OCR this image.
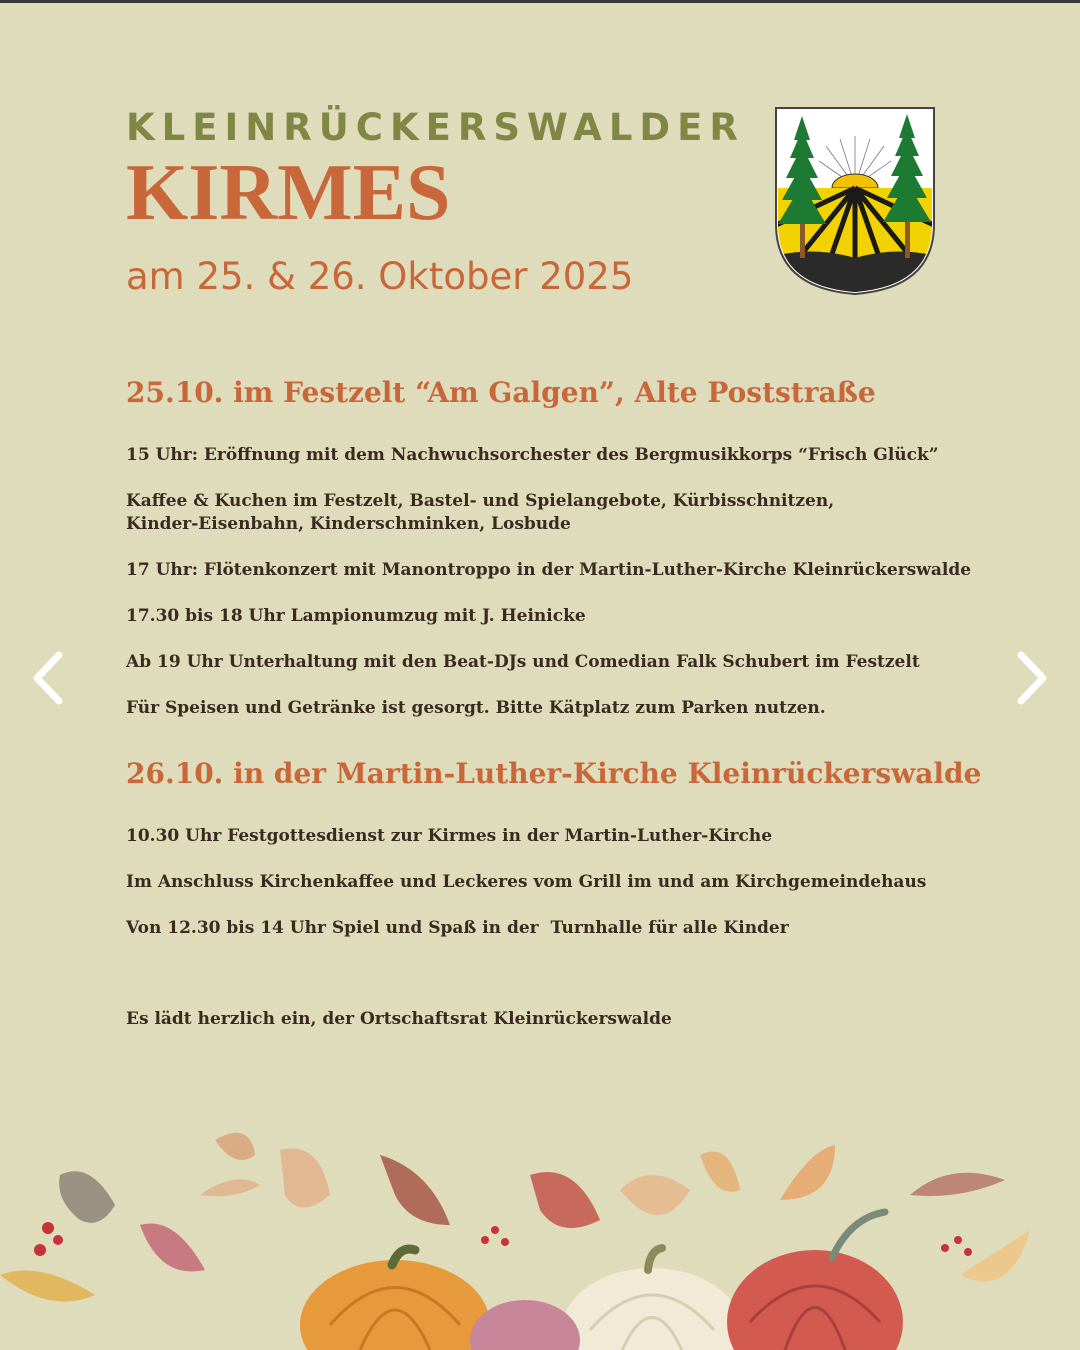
KLEINRÜCKERSWALDER
KIRMES
am 25. & 26. Oktober 2025
25.10. im Festzelt “Am Galgen”, Alte Poststraße

15 Uhr: Eröffnung mit dem Nachwuchsorchester des Bergmusikkorps “Frisch Glück”

Kaffee & Kuchen im Festzelt, Bastel- und Spielangebote, Kürbisschnitzen, Kinder-Eisenbahn, Kinderschminken, Losbude

17 Uhr: Flötenkonzert mit Manontroppo in der Martin-Luther-Kirche Kleinrückerswalde

17.30 bis 18 Uhr Lampionumzug mit J. Heinicke

Ab 19 Uhr Unterhaltung mit den Beat-DJs und Comedian Falk Schubert im Festzelt

Für Speisen und Getränke ist gesorgt. Bitte Kätplatz zum Parken nutzen.

26.10. in der Martin-Luther-Kirche Kleinrückerswalde

10.30 Uhr Festgottesdienst zur Kirmes in der Martin-Luther-Kirche

Im Anschluss Kirchenkaffee und Leckeres vom Grill im und am Kirchgemeindehaus

Von 12.30 bis 14 Uhr Spiel und Spaß in der  Turnhalle für alle Kinder

Es lädt herzlich ein, der Ortschaftsrat Kleinrückerswalde
